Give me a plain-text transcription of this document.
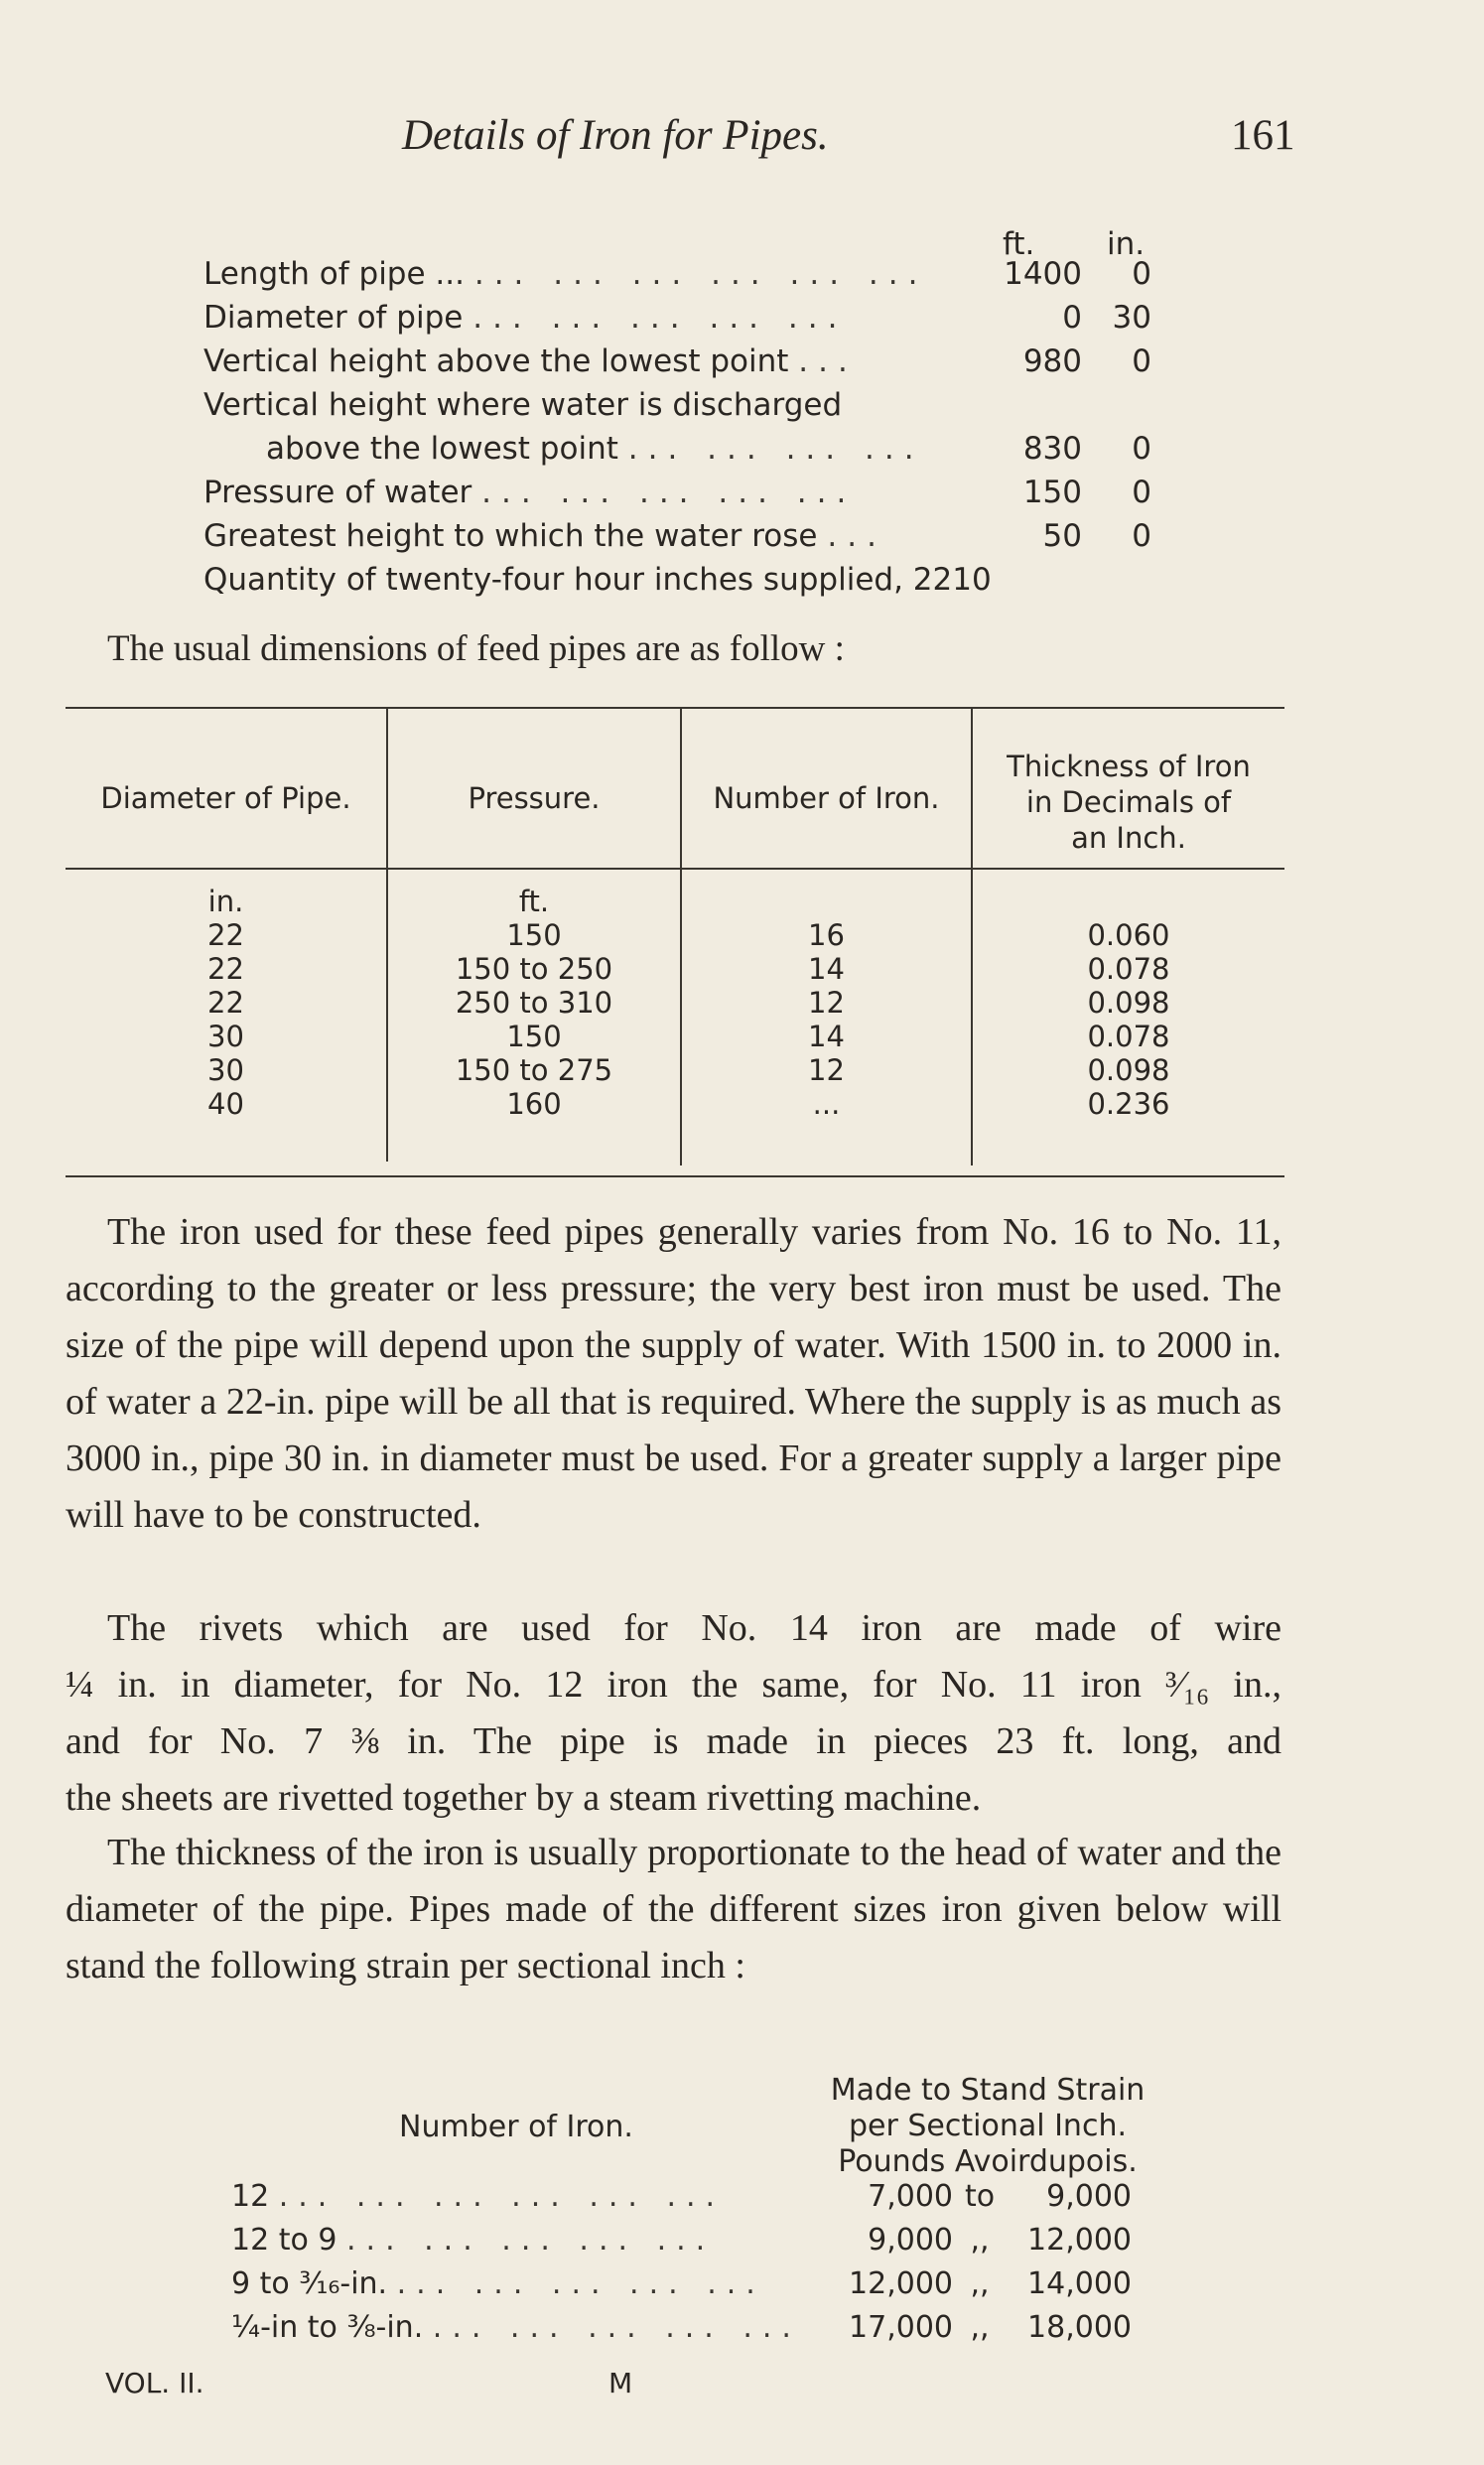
Details of Iron for Pipes.	161
ft. in.
Length of pipe ... ... ... ... ... ... ...	1400	0
Diameter of pipe ... ... ... ... ...	0 30
Vertical height above the lowest point ...	980	0
Vertical height where water is discharged
above the lowest point ... ... ... ...	830	0
Pressure of water ... ... ... ... ...	150	0
Greatest height to which the water rose ...	50	0
Quantity of twenty-four hour inches supplied, 2210
The usual dimensions of feed pipes are as follow :
Diameter of Pipe.	Pressure.	Number of Iron.
Thickness of Iron
in Decimals of
an Inch.
in.	ft.
22	150	16	0.060
22	150 to 250	14	0.078
22	250 to 310	12	0.098
30	150	14	0.078
30	150 to 275	12	0.098
40	160	...	0.236
The iron used for these feed pipes generally varies from No. 16 to No. 11, according to the greater or less pressure; the very best iron must be used. The size of the pipe will depend upon the supply of water. With 1500 in. to 2000 in. of water a 22-in. pipe will be all that is required. Where the supply is as much as 3000 in., pipe 30 in. in diameter must be used. For a greater supply a larger pipe will have to be constructed.
The rivets which are used for No. 14 iron are made of wire
¼ in. in diameter, for No. 12 iron the same, for No. 11 iron ³⁄₁₆ in.,
and for No. 7 ⅜ in. The pipe is made in pieces 23 ft. long, and
the sheets are rivetted together by a steam rivetting machine.
The thickness of the iron is usually proportionate to the head of water and the diameter of the pipe. Pipes made of the different sizes iron given below will stand the following strain per sectional inch :
Number of Iron.
Made to Stand Strain
per Sectional Inch.
Pounds Avoirdupois.
12 ... ... ... ... ... ...	7,000 to	9,000
12 to 9 ... ... ... ... ...	9,000 ,,	12,000
9 to ³⁄₁₆-in. ... ... ... ... ...	12,000 ,,	14,000
¼-in to ⅜-in. ... ... ... ... ...	17,000 ,,	18,000
VOL. II.	M
